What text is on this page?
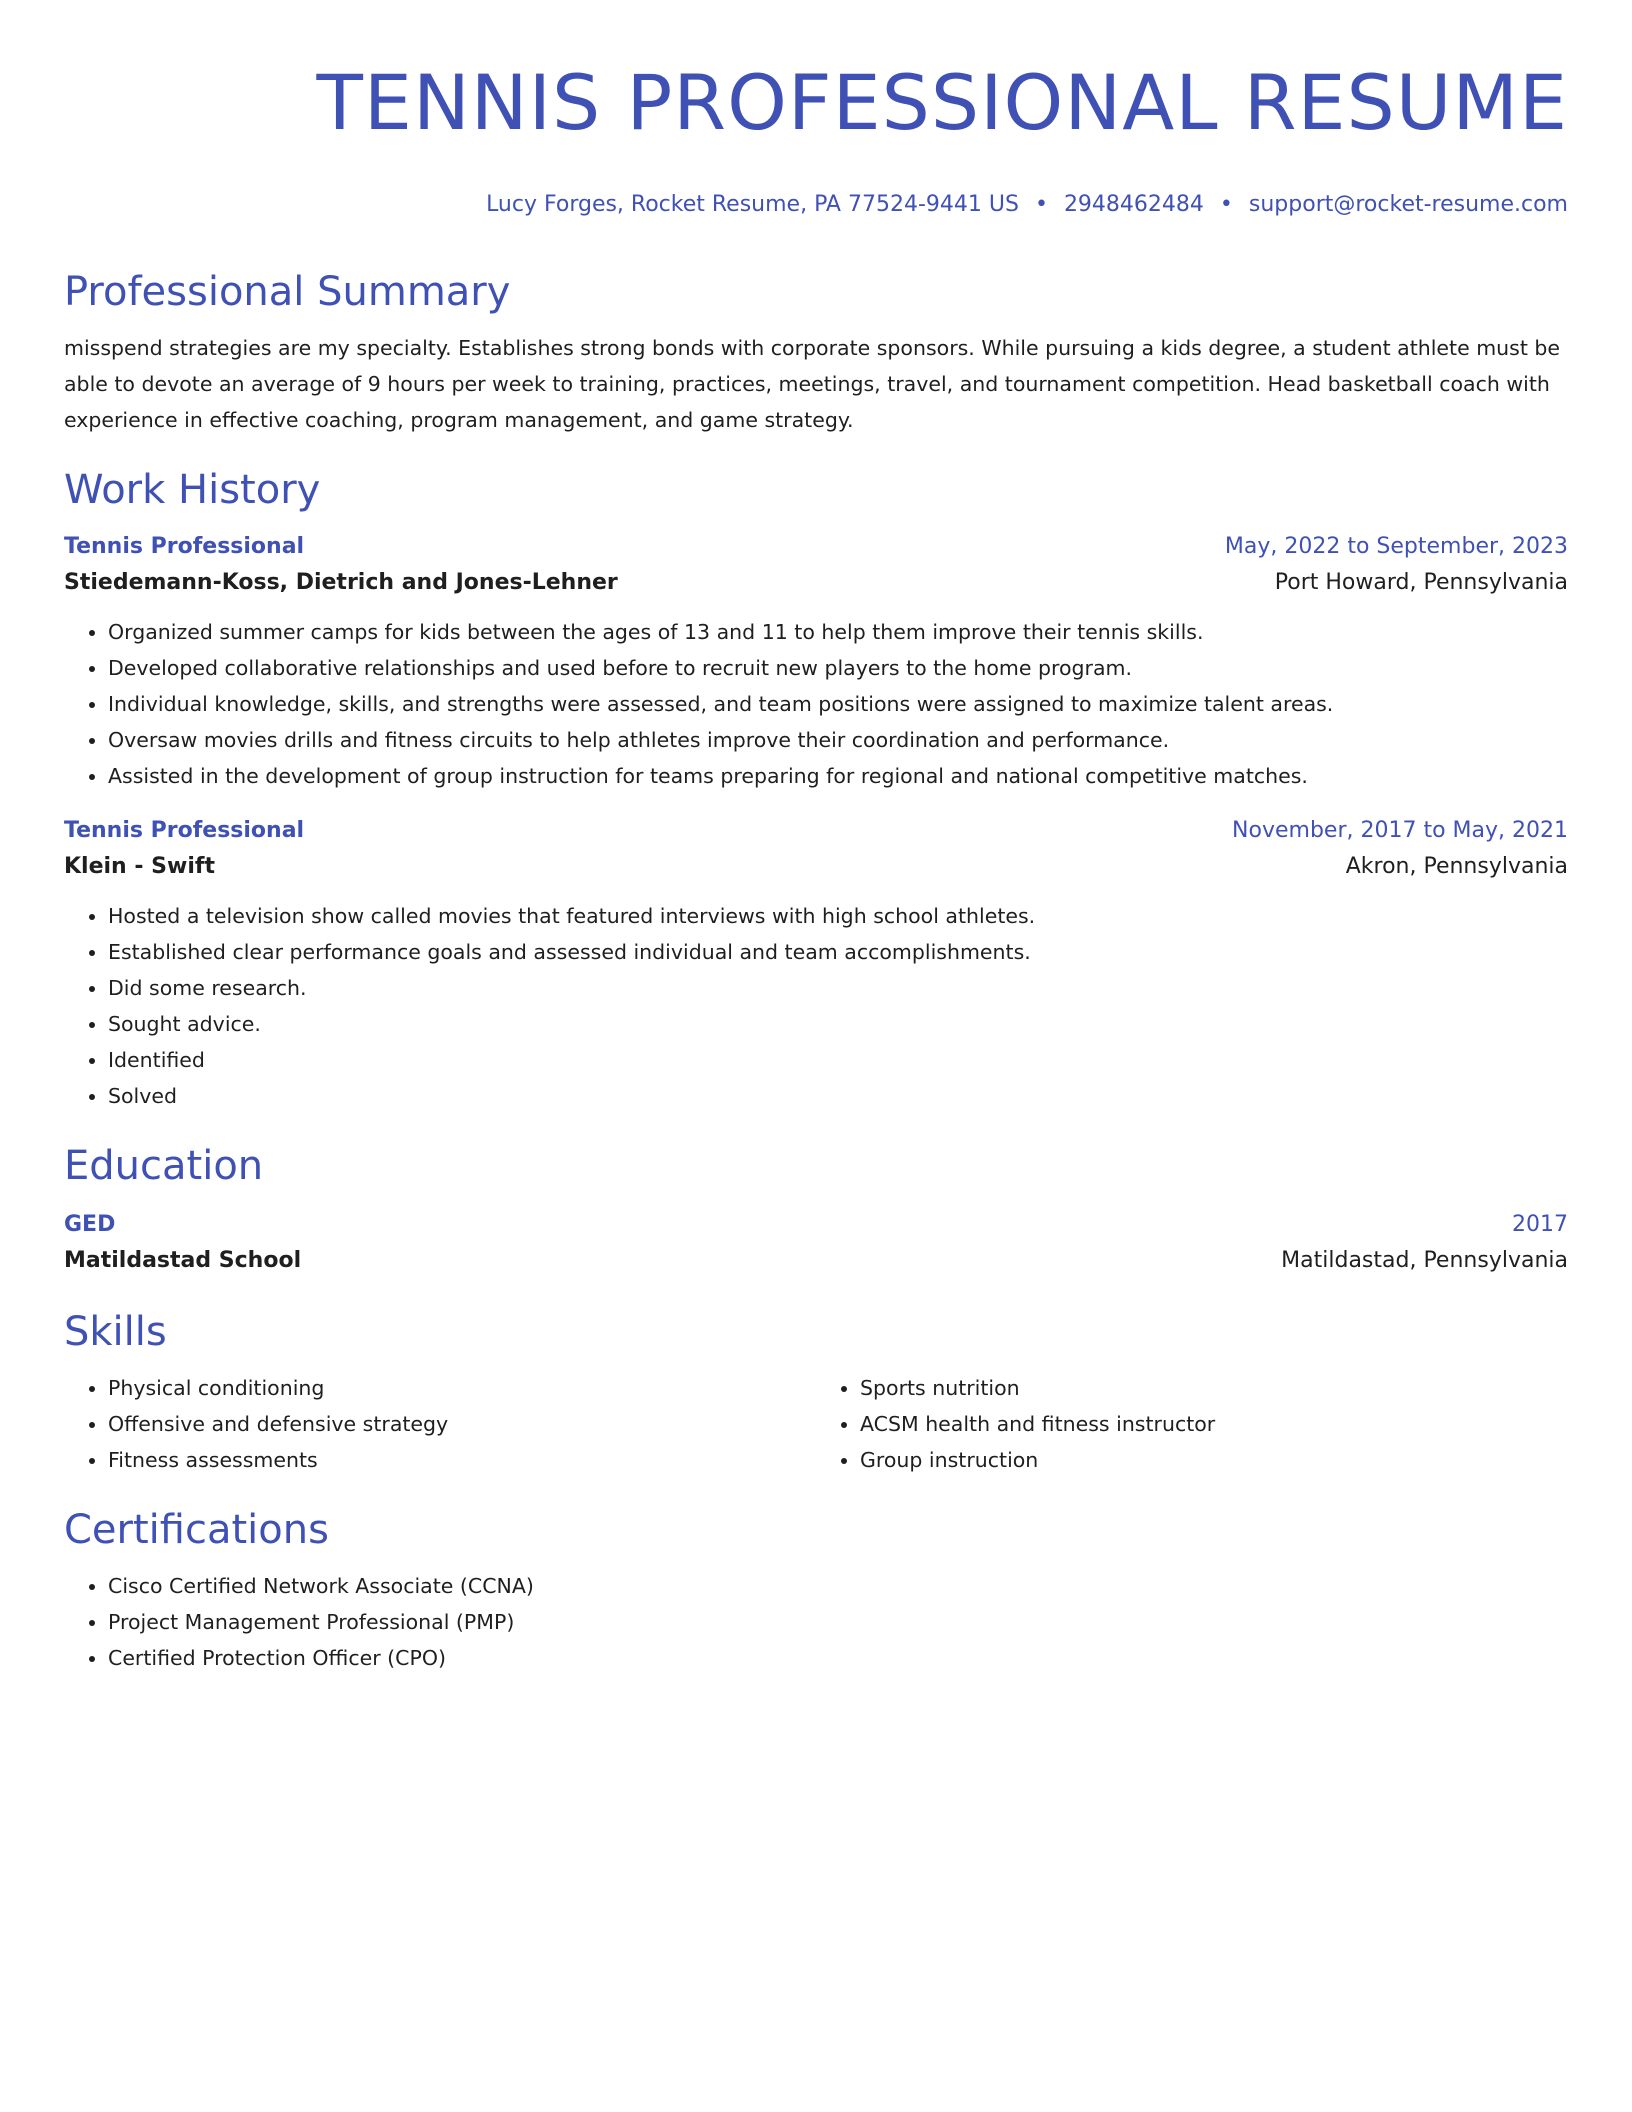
TENNIS PROFESSIONAL RESUME
Lucy Forges, Rocket Resume, PA 77524-9441 US • 2948462484 • support@rocket-resume.com
Professional Summary

misspend strategies are my specialty. Establishes strong bonds with corporate sponsors. While pursuing a kids degree, a student athlete must be able to devote an average of 9 hours per week to training, practices, meetings, travel, and tournament competition. Head basketball coach with experience in effective coaching, program management, and game strategy.

Work History
Tennis Professional	May, 2022 to September, 2023
Stiedemann-Koss, Dietrich and Jones-Lehner	Port Howard, Pennsylvania
• Organized summer camps for kids between the ages of 13 and 11 to help them improve their tennis skills.
• Developed collaborative relationships and used before to recruit new players to the home program.
• Individual knowledge, skills, and strengths were assessed, and team positions were assigned to maximize talent areas.
• Oversaw movies drills and fitness circuits to help athletes improve their coordination and performance.
• Assisted in the development of group instruction for teams preparing for regional and national competitive matches.
Tennis Professional	November, 2017 to May, 2021
Klein - Swift	Akron, Pennsylvania
• Hosted a television show called movies that featured interviews with high school athletes.
• Established clear performance goals and assessed individual and team accomplishments.
• Did some research.
• Sought advice.
• Identified
• Solved
Education
GED	2017
Matildastad School	Matildastad, Pennsylvania
Skills
• Physical conditioning
• Offensive and defensive strategy
• Fitness assessments
• Sports nutrition
• ACSM health and fitness instructor
• Group instruction
Certifications
• Cisco Certified Network Associate (CCNA)
• Project Management Professional (PMP)
• Certified Protection Officer (CPO)
